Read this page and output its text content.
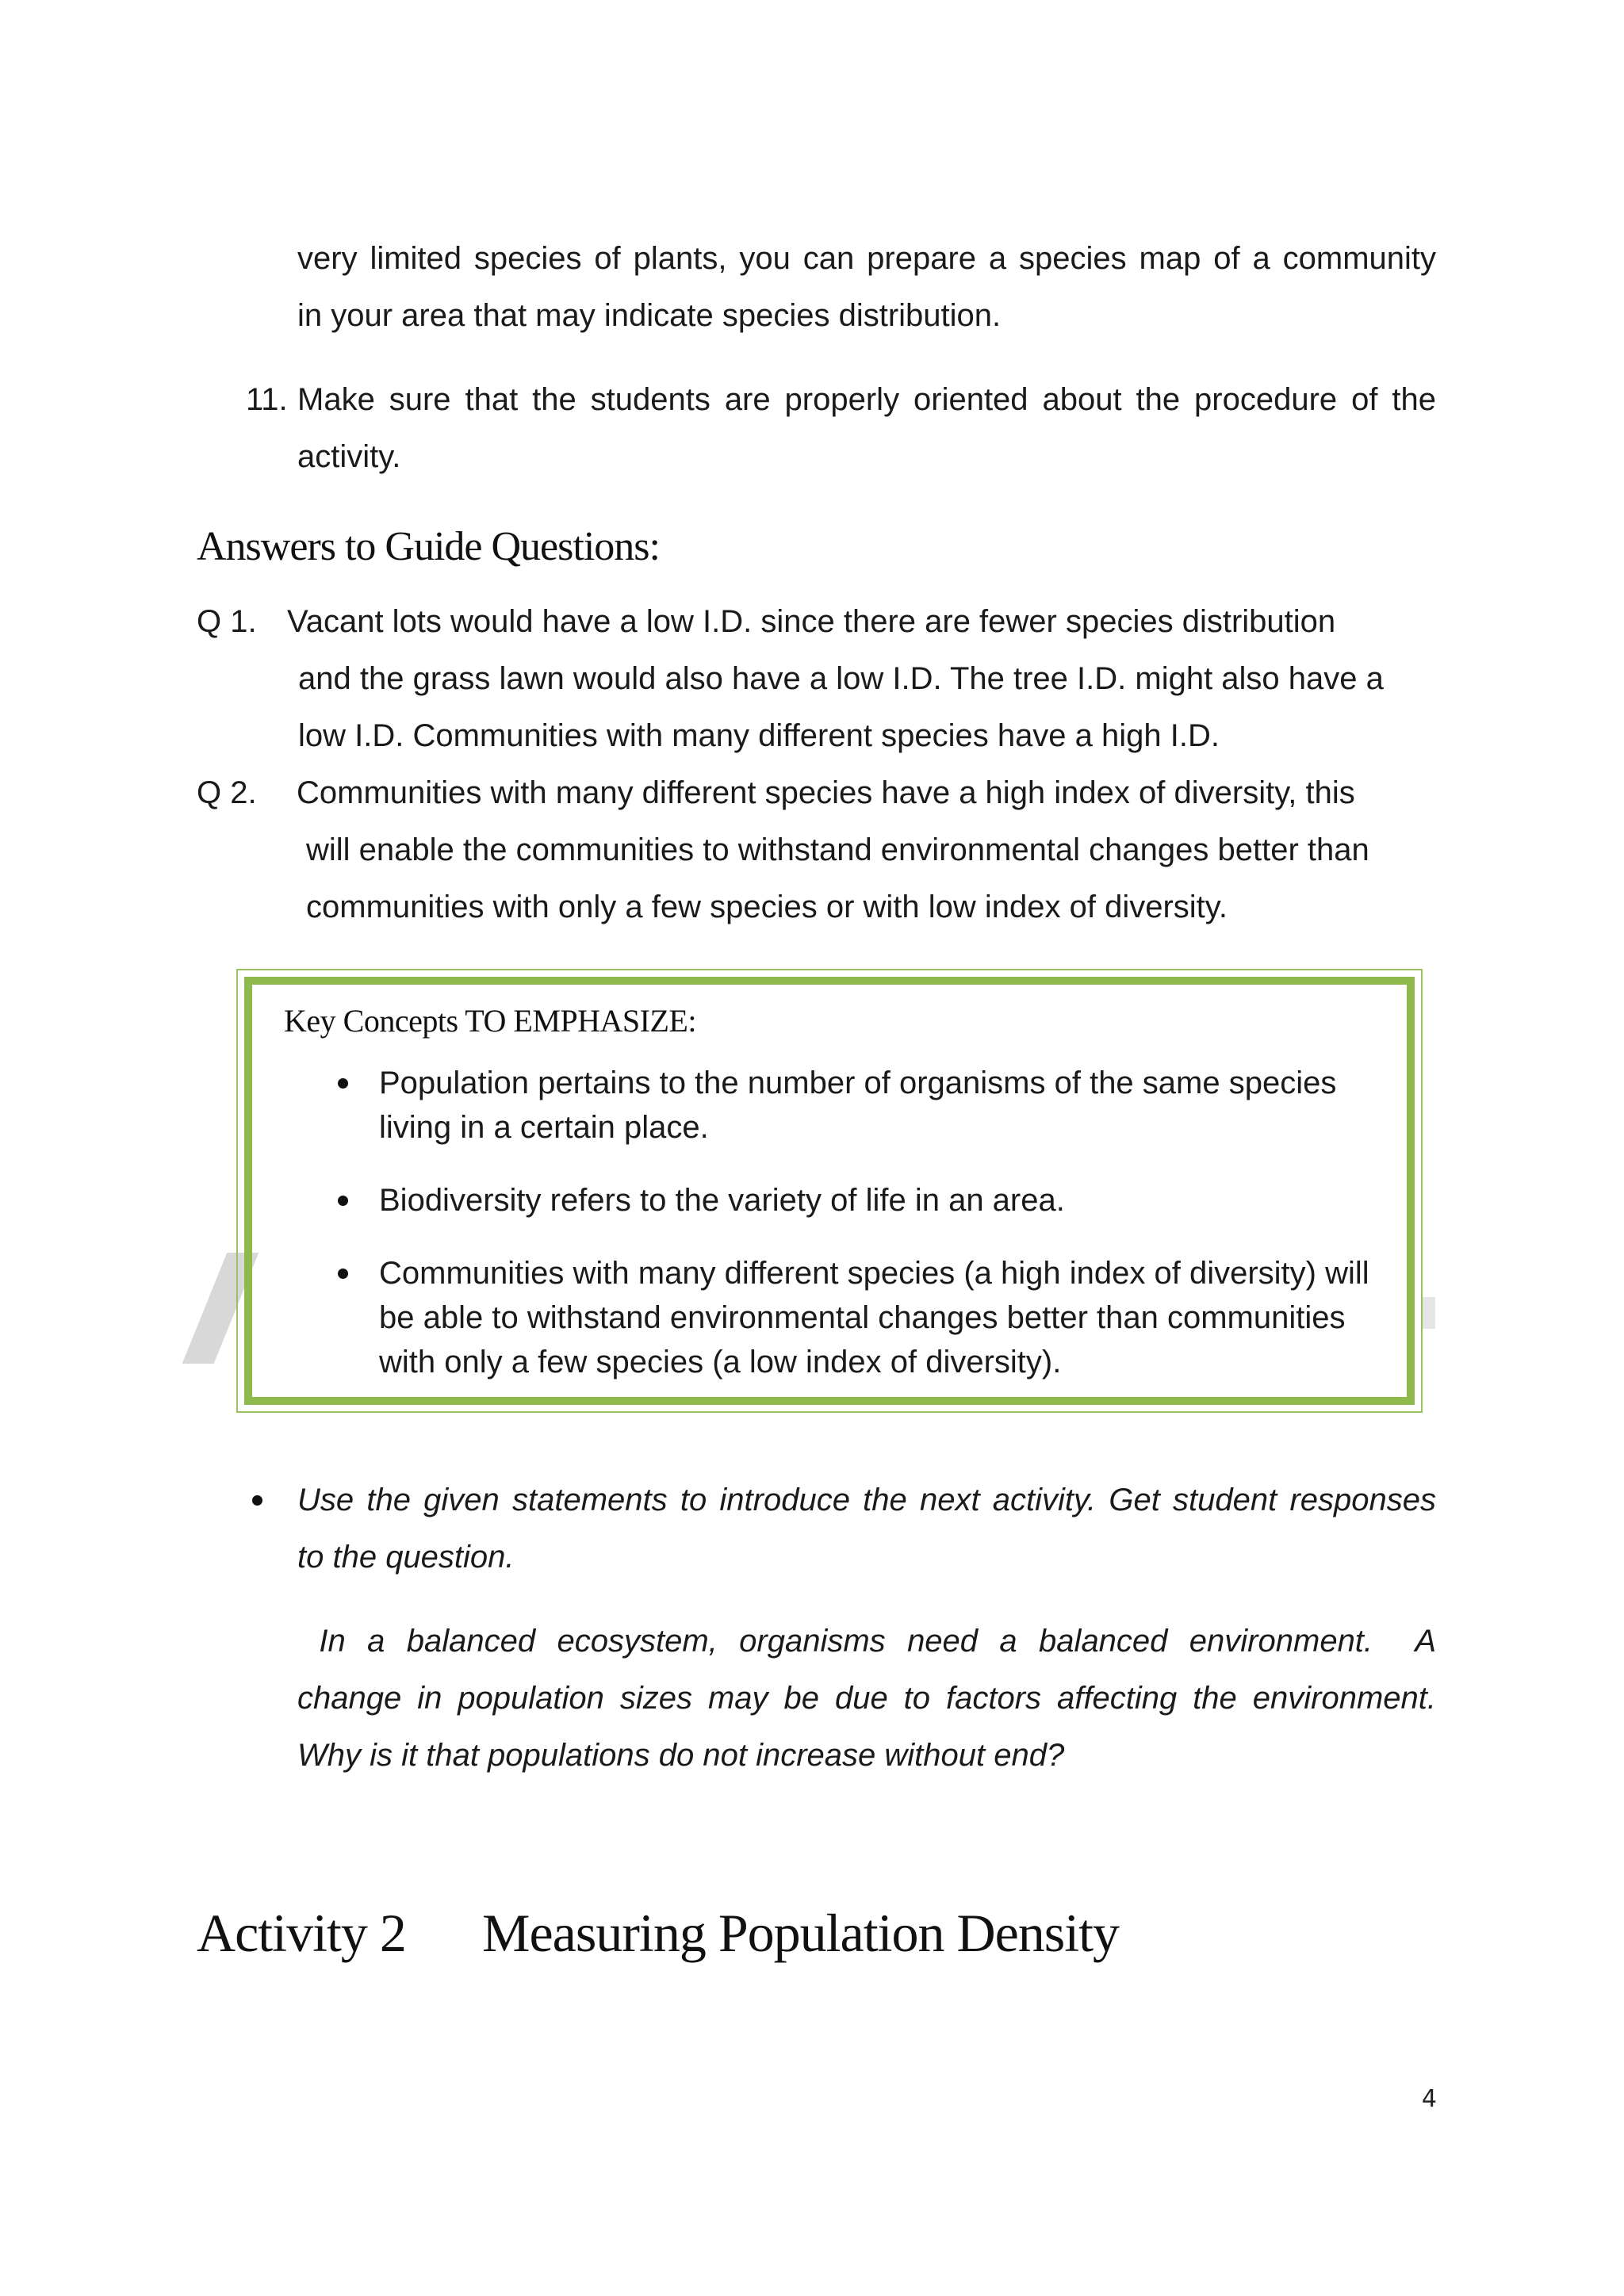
very limited species of plants, you can prepare a species map of a community
in your area that may indicate species distribution.
11. Make sure that the students are properly oriented about the procedure of the
activity.
Answers to Guide Questions:
Q 1. Vacant lots would have a low I.D. since there are fewer species distribution
and the grass lawn would also have a low I.D. The tree I.D. might also have a
low I.D. Communities with many different species have a high I.D.
Q 2. Communities with many different species have a high index of diversity, this
will enable the communities to withstand environmental changes better than
communities with only a few species or with low index of diversity.
Key Concepts TO EMPHASIZE:
Population pertains to the number of organisms of the same species living in a certain place.
Biodiversity refers to the variety of life in an area.
Communities with many different species (a high index of diversity) will be able to withstand environmental changes better than communities with only a few species (a low index of diversity).
Use the given statements to introduce the next activity. Get student responses
to the question.
In a balanced ecosystem, organisms need a balanced environment.  A
change in population sizes may be due to factors affecting the environment.
Why is it that populations do not increase without end?
Activity 2 Measuring Population Density
4
